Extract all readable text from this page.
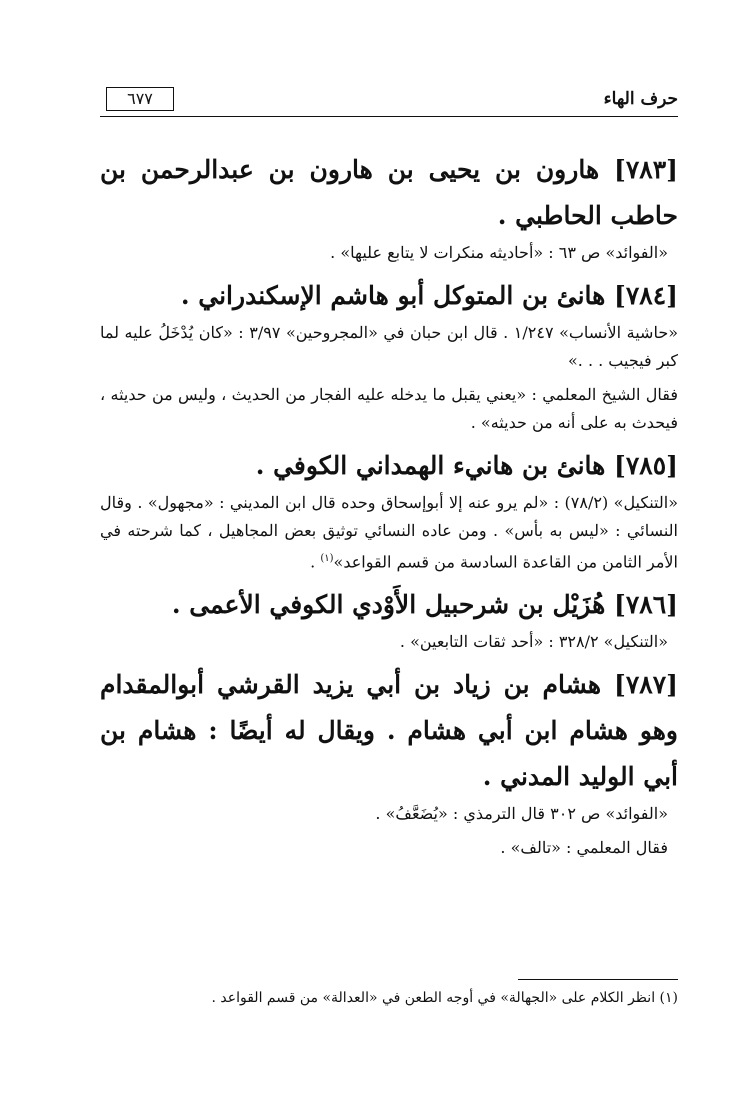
حرف الهاء
٦٧٧

[٧٨٣] هارون بن يحيى بن هارون بن عبدالرحمن بن حاطب الحاطبي .

«الفوائد» ص ٦٣ : «أحاديثه منكرات لا يتابع عليها» .

[٧٨٤] هانئ بن المتوكل أبو هاشم الإسكندراني .

«حاشية الأنساب» ١/٢٤٧ . قال ابن حبان في «المجروحين» ٣/٩٧ : «كان يُدْخَلُ عليه لما كبر فيجيب . . .»

فقال الشيخ المعلمي : «يعني يقبل ما يدخله عليه الفجار من الحديث ، وليس من حديثه ، فيحدث به على أنه من حديثه» .

[٧٨٥] هانئ بن هانيء الهمداني الكوفي .

«التنكيل» (٧٨/٢) : «لم يرو عنه إلا أبوإسحاق وحده قال ابن المديني : «مجهول» . وقال النسائي : «ليس به بأس» . ومن عاده النسائي توثيق بعض المجاهيل ، كما شرحته في الأمر الثامن من القاعدة السادسة من قسم القواعد»$^{(١)}$ .

[٧٨٦] هُزَيْل بن شرحبيل الأَوْدي الكوفي الأعمى .

«التنكيل» ٣٢٨/٢ : «أحد ثقات التابعين» .

[٧٨٧] هشام بن زياد بن أبي يزيد القرشي أبوالمقدام وهو هشام ابن أبي هشام . ويقال له أيضًا : هشام بن أبي الوليد المدني .

«الفوائد» ص ٣٠٢ قال الترمذي : «يُضَعَّفُ» .

فقال المعلمي : «تالف» .

(١) انظر الكلام على «الجهالة» في أوجه الطعن في «العدالة» من قسم القواعد .
